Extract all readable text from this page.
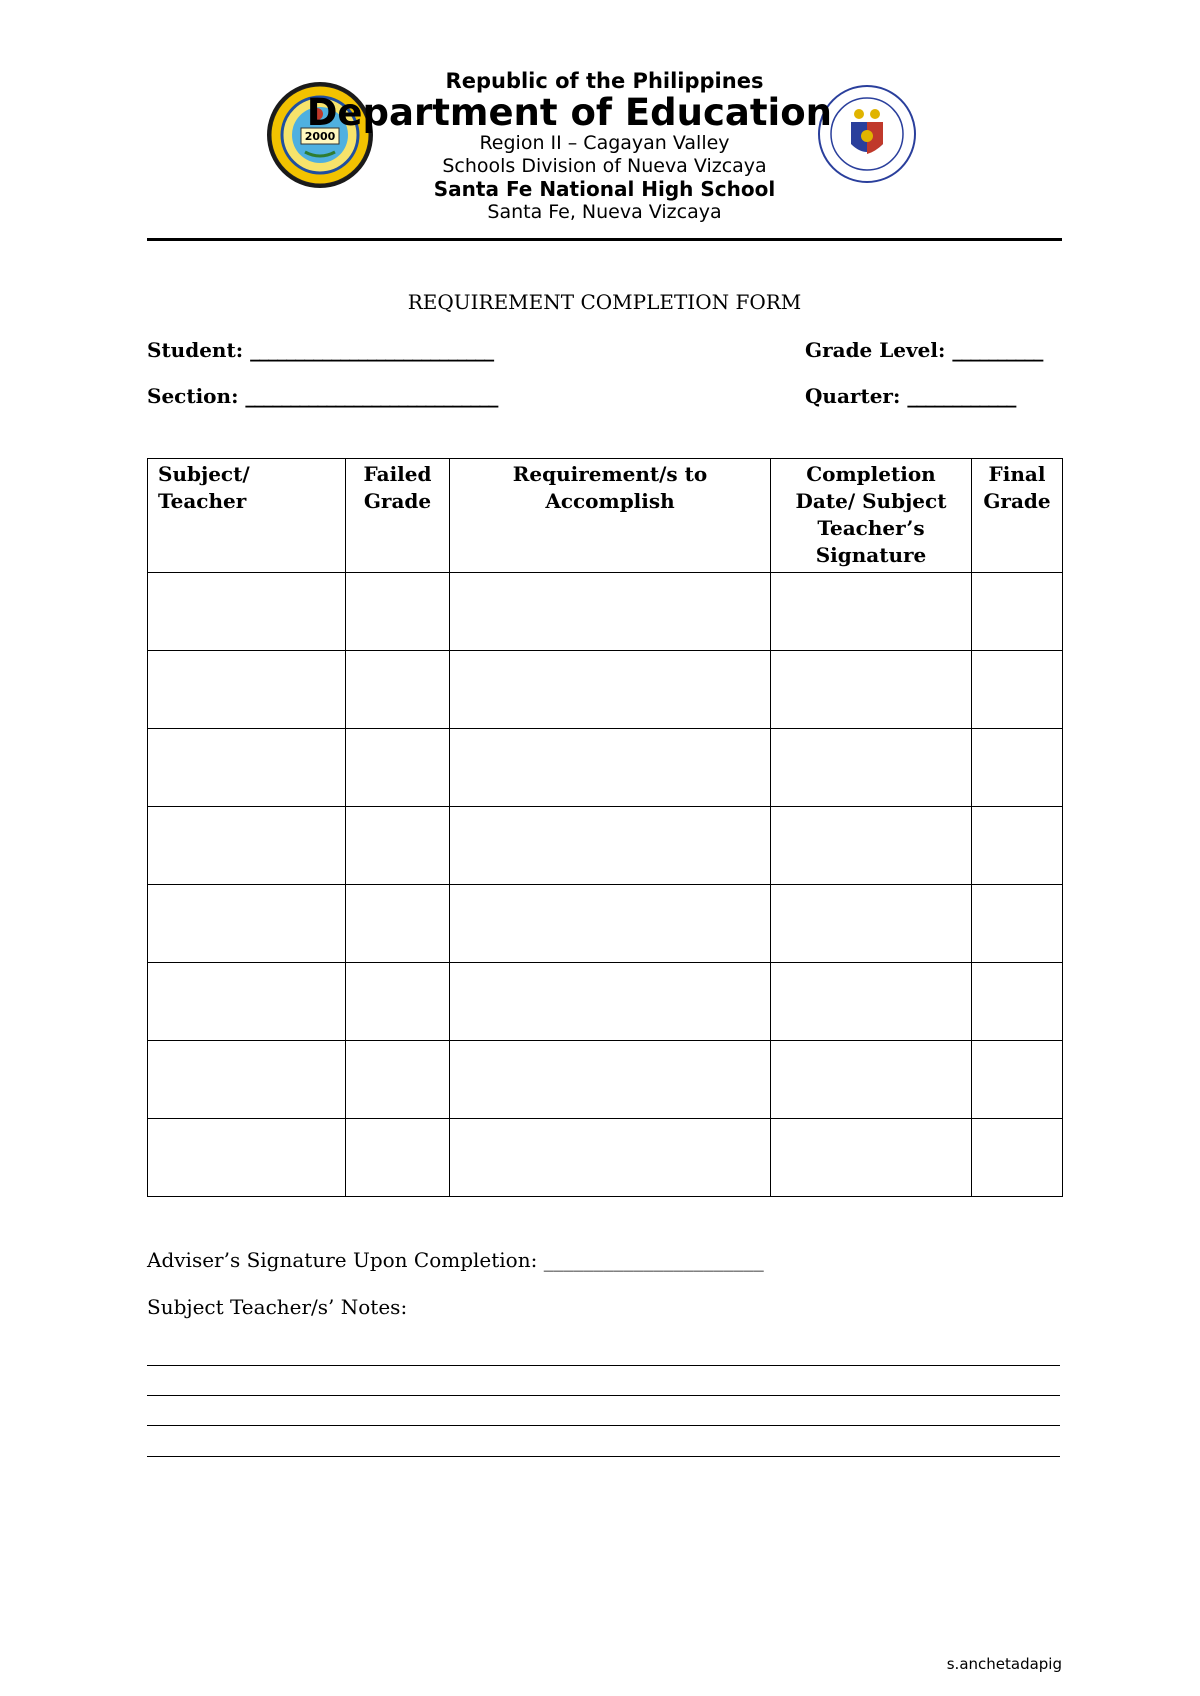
2000
Republic of the Philippines
Department of Education
Region II – Cagayan Valley
Schools Division of Nueva Vizcaya
Santa Fe National High School
Santa Fe, Nueva Vizcaya
REQUIREMENT COMPLETION FORM
Student: ___________________________	Grade Level: __________
Section: ____________________________	Quarter: ____________
Subject/ Teacher	Failed Grade	Requirement/s to Accomplish	Completion Date/ Subject Teacher’s Signature	Final Grade

Adviser’s Signature Upon Completion: ______________________
Subject Teacher/s’ Notes:
s.anchetadapig
